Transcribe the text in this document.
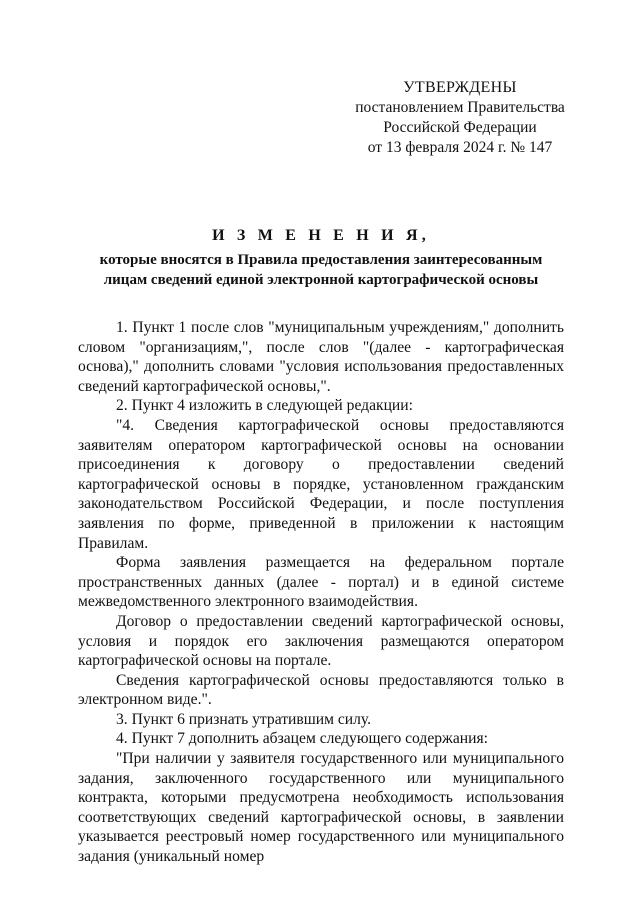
УТВЕРЖДЕНЫ
постановлением Правительства
Российской Федерации
от 13 февраля 2024 г. № 147
И З М Е Н Е Н И Я,
которые вносятся в Правила предоставления заинтересованным
лицам сведений единой электронной картографической основы

1. Пункт 1 после слов "муниципальным учреждениям," дополнить словом "организациям,", после слов "(далее - картографическая основа)," дополнить словами "условия использования предоставленных сведений картографической основы,".

2. Пункт 4 изложить в следующей редакции:

"4. Сведения картографической основы предоставляются заявителям оператором картографической основы на основании присоединения к договору о предоставлении сведений картографической основы в порядке, установленном гражданским законодательством Российской Федерации, и после поступления заявления по форме, приведенной в приложении к настоящим Правилам.

Форма заявления размещается на федеральном портале пространственных данных (далее - портал) и в единой системе межведомственного электронного взаимодействия.

Договор о предоставлении сведений картографической основы, условия и порядок его заключения размещаются оператором картографической основы на портале.

Сведения картографической основы предоставляются только в электронном виде.".

3. Пункт 6 признать утратившим силу.

4. Пункт 7 дополнить абзацем следующего содержания:

"При наличии у заявителя государственного или муниципального задания, заключенного государственного или муниципального контракта, которыми предусмотрена необходимость использования соответствующих сведений картографической основы, в заявлении указывается реестровый номер государственного или муниципального задания (уникальный номер
